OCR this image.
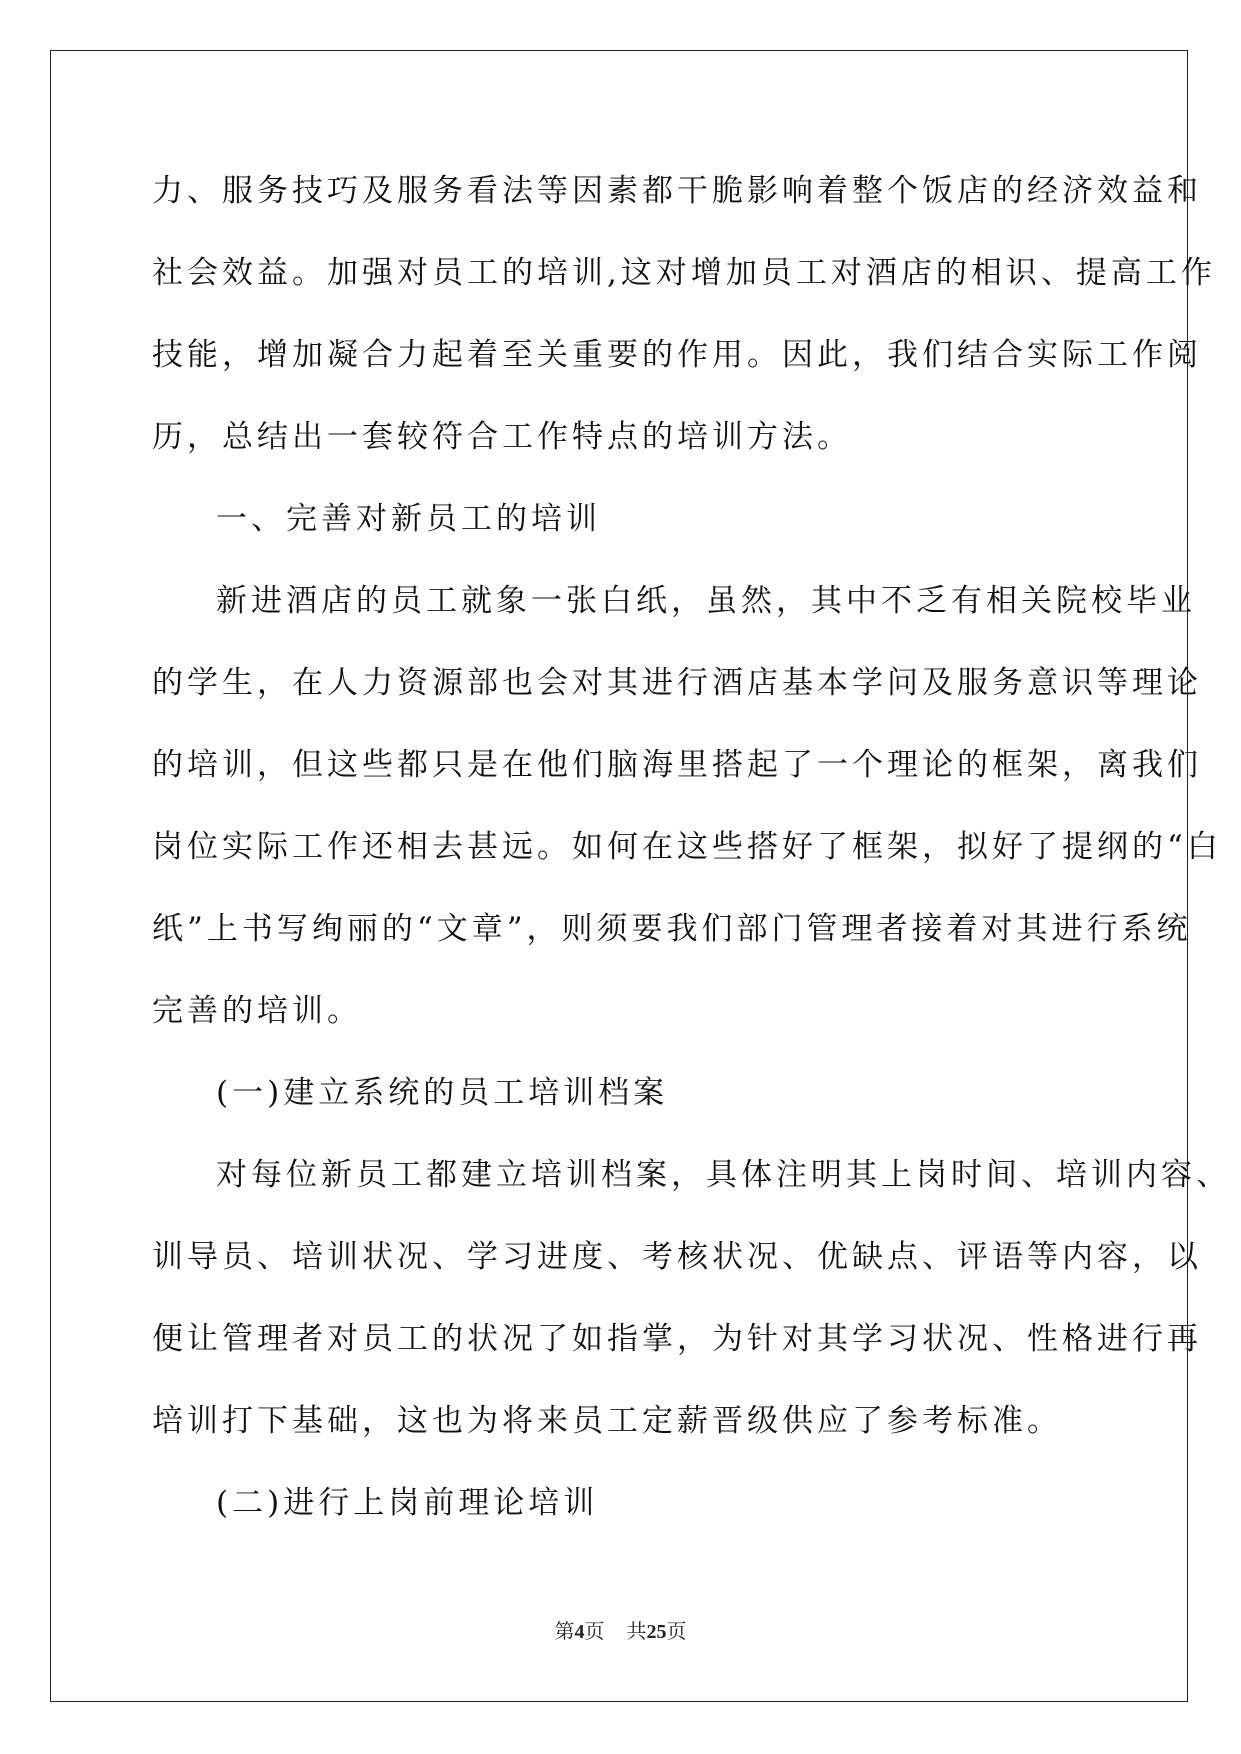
力、服务技巧及服务看法等因素都干脆影响着整个饭店的经济效益和
社会效益。加强对员工的培训,这对增加员工对酒店的相识、提高工作
技能，增加凝合力起着至关重要的作用。因此，我们结合实际工作阅
历，总结出一套较符合工作特点的培训方法。
一、完善对新员工的培训
新进酒店的员工就象一张白纸，虽然，其中不乏有相关院校毕业
的学生，在人力资源部也会对其进行酒店基本学问及服务意识等理论
的培训，但这些都只是在他们脑海里搭起了一个理论的框架，离我们
岗位实际工作还相去甚远。如何在这些搭好了框架，拟好了提纲的“白
纸”上书写绚丽的“文章”，则须要我们部门管理者接着对其进行系统
完善的培训。
(一)建立系统的员工培训档案
对每位新员工都建立培训档案，具体注明其上岗时间、培训内容、
训导员、培训状况、学习进度、考核状况、优缺点、评语等内容，以
便让管理者对员工的状况了如指掌，为针对其学习状况、性格进行再
培训打下基础，这也为将来员工定薪晋级供应了参考标准。
(二)进行上岗前理论培训
第4页 共25页
